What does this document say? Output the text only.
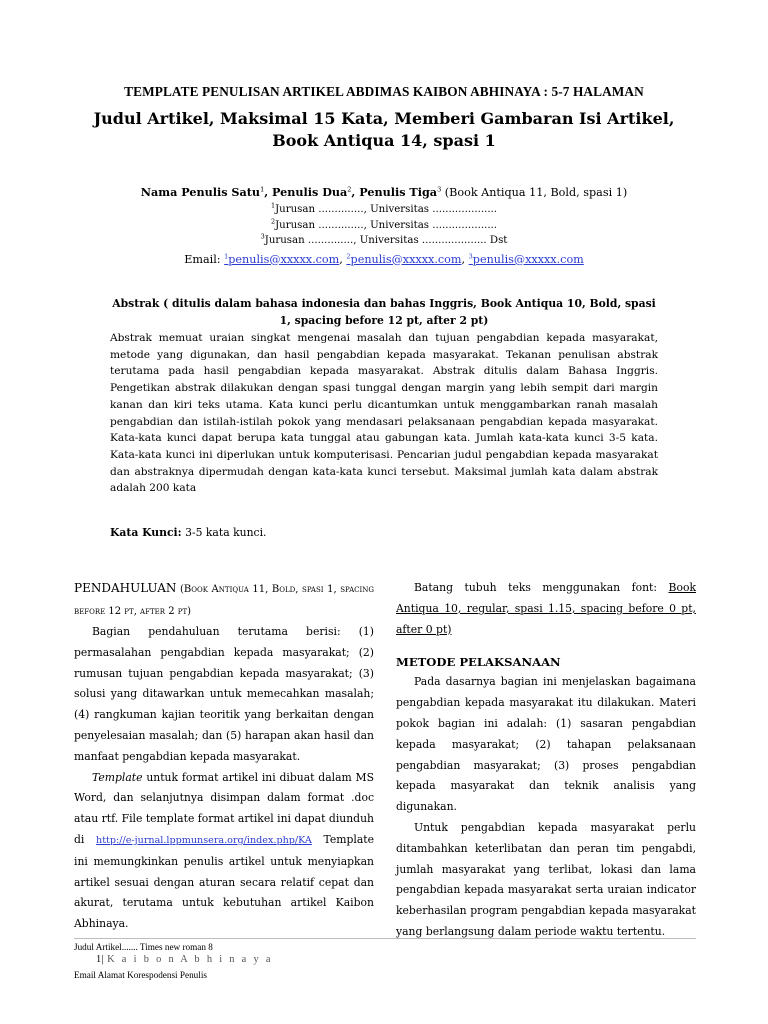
TEMPLATE PENULISAN ARTIKEL ABDIMAS KAIBON ABHINAYA : 5-7 HALAMAN
Judul Artikel, Maksimal 15 Kata, Memberi Gambaran Isi Artikel, Book Antiqua 14, spasi 1
Nama Penulis Satu$^1$, Penulis Dua$^2$, Penulis Tiga$^3$ (Book Antiqua 11, Bold, spasi 1)
$^1$Jurusan .............., Universitas ....................
$^2$Jurusan .............., Universitas ....................
$^3$Jurusan .............., Universitas .................... Dst
Email: $^1$penulis@xxxxx.com, $^2$penulis@xxxxx.com, $^3$penulis@xxxxx.com
Abstrak ( ditulis dalam bahasa indonesia dan bahas Inggris, Book Antiqua 10, Bold, spasi 1, spacing before 12 pt, after 2 pt)
Abstrak memuat uraian singkat mengenai masalah dan tujuan pengabdian kepada masyarakat, metode yang digunakan, dan hasil pengabdian kepada masyarakat. Tekanan penulisan abstrak terutama pada hasil pengabdian kepada masyarakat. Abstrak ditulis dalam Bahasa Inggris. Pengetikan abstrak dilakukan dengan spasi tunggal dengan margin yang lebih sempit dari margin kanan dan kiri teks utama. Kata kunci perlu dicantumkan untuk menggambarkan ranah masalah pengabdian dan istilah-istilah pokok yang mendasari pelaksanaan pengabdian kepada masyarakat. Kata-kata kunci dapat berupa kata tunggal atau gabungan kata. Jumlah kata-kata kunci 3-5 kata. Kata-kata kunci ini diperlukan untuk komputerisasi. Pencarian judul pengabdian kepada masyarakat dan abstraknya dipermudah dengan kata-kata kunci tersebut. Maksimal jumlah kata dalam abstrak adalah 200 kata
Kata Kunci: 3-5 kata kunci.
PENDAHULUAN (Book Antiqua 11, Bold, spasi 1, spacing before 12 pt, after 2 pt)

Bagian pendahuluan terutama berisi: (1) permasalahan pengabdian kepada masyarakat; (2) rumusan tujuan pengabdian kepada masyarakat; (3) solusi yang ditawarkan untuk memecahkan masalah; (4) rangkuman kajian teoritik yang berkaitan dengan penyelesaian masalah; dan (5) harapan akan hasil dan manfaat pengabdian kepada masyarakat.

Template untuk format artikel ini dibuat dalam MS Word, dan selanjutnya disimpan dalam format .doc atau rtf. File template format artikel ini dapat diunduh di http://e-jurnal.lppmunsera.org/index.php/KA Template ini memungkinkan penulis artikel untuk menyiapkan artikel sesuai dengan aturan secara relatif cepat dan akurat, terutama untuk kebutuhan artikel Kaibon Abhinaya.

Batang tubuh teks menggunakan font: Book Antiqua 10, regular, spasi 1.15, spacing before 0 pt, after 0 pt)

METODE PELAKSANAAN

Pada dasarnya bagian ini menjelaskan bagaimana pengabdian kepada masyarakat itu dilakukan. Materi pokok bagian ini adalah: (1) sasaran pengabdian kepada masyarakat; (2) tahapan pelaksanaan pengabdian masyarakat; (3) proses pengabdian kepada masyarakat dan teknik analisis yang digunakan.

Untuk pengabdian kepada masyarakat perlu ditambahkan keterlibatan dan peran tim pengabdi, jumlah masyarakat yang terlibat, lokasi dan lama pengabdian kepada masyarakat serta uraian indicator keberhasilan program pengabdian kepada masyarakat yang berlangsung dalam periode waktu tertentu.

Judul Artikel....... Times new roman 8
1| K a i b o n A b h i n a y a
Email Alamat Korespodensi Penulis
